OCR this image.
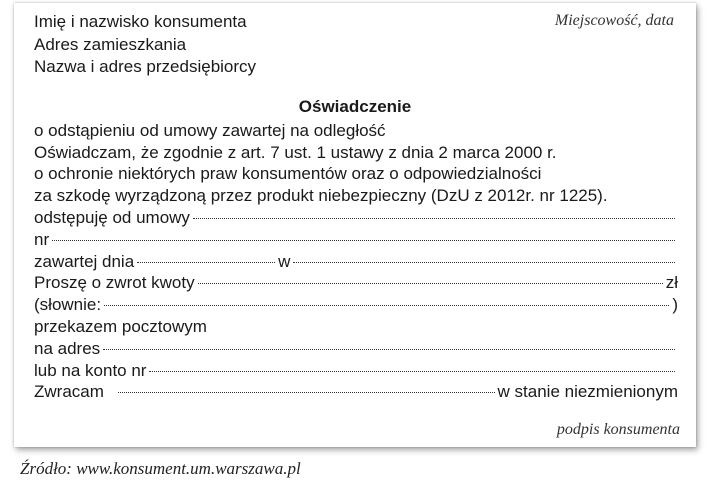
Imię i nazwisko konsumenta
Adres zamieszkania
Nazwa i adres przedsiębiorcy
Miejscowość, data
Oświadczenie
o odstąpieniu od umowy zawartej na odległość
Oświadczam, że zgodnie z art. 7 ust. 1 ustawy z dnia 2 marca 2000 r.
o ochronie niektórych praw konsumentów oraz o odpowiedzialności
za szkodę wyrządzoną przez produkt niebezpieczny (DzU z 2012r. nr 1225).
odstępuję od umowy
nr
zawartej dnia	w
Proszę o zwrot kwoty	zł
(słownie:	)
przekazem pocztowym
na adres
lub na konto nr
Zwracam	w stanie niezmienionym
podpis konsumenta
Źródło: www.konsument.um.warszawa.pl
